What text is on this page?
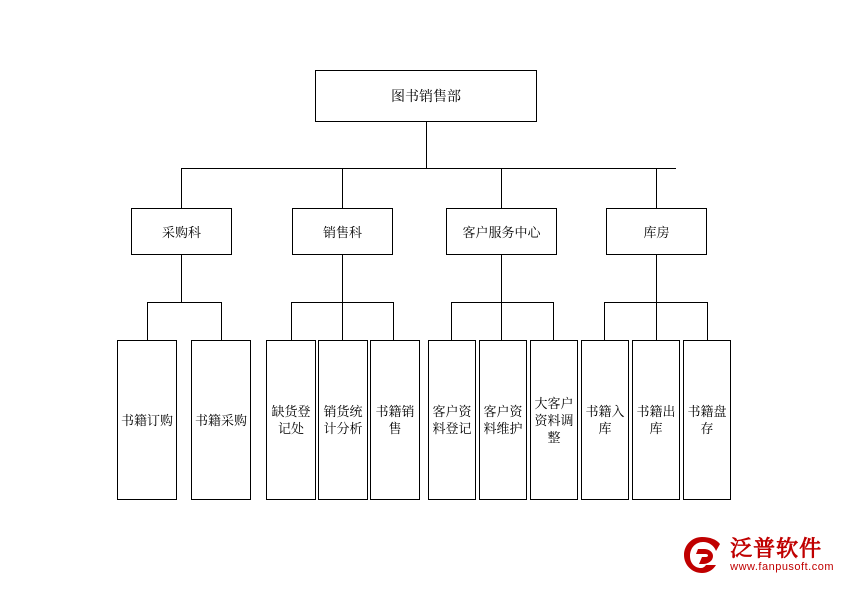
图书销售部
采购科	销售科	客户服务中心	库房
书籍订购 书籍采购
缺货登记处
销货统计分析
书籍销售
客户资料登记
客户资料维护
大客户资料调整
书籍入库
书籍出库
书籍盘存
泛普软件
www.fanpusoft.com
